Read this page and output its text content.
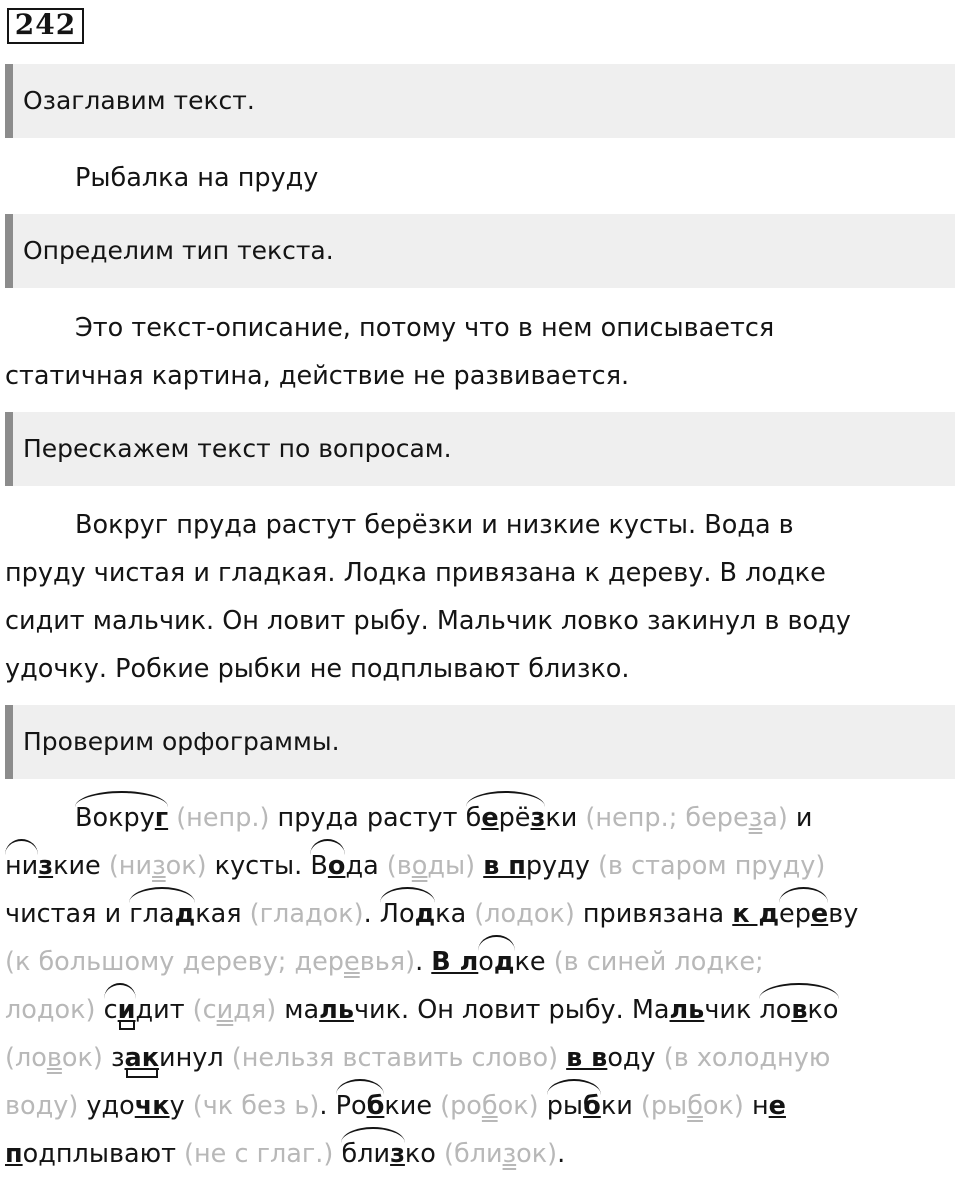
242
Озаглавим текст.

Рыбалка на пруду

Определим тип текста.

Это текст-описание, потому что в нем описывается

статичная картина, действие не развивается.

Перескажем текст по вопросам.

Вокруг пруда растут берёзки и низкие кусты. Вода в

пруду чистая и гладкая. Лодка привязана к дереву. В лодке

сидит мальчик. Он ловит рыбу. Мальчик ловко закинул в воду

удочку. Робкие рыбки не подплывают близко.

Проверим орфограммы.

Вокруг (непр.) пруда растут берёзки (непр.; береза) и

низкие (низок) кусты. Вода (воды) в пруду (в старом пруду)

чистая и гладкая (гладок). Лодка (лодок) привязана к дереву

(к большому дереву; деревья). В лодке (в синей лодке;

лодок) сидит (сидя) мальчик. Он ловит рыбу. Мальчик ловко

(ловок) закинул (нельзя вставить слово) в воду (в холодную

воду) удочку (чк без ь). Робкие (робок) рыбки (рыбок) не

подплывают (не с глаг.) близко (близок).
